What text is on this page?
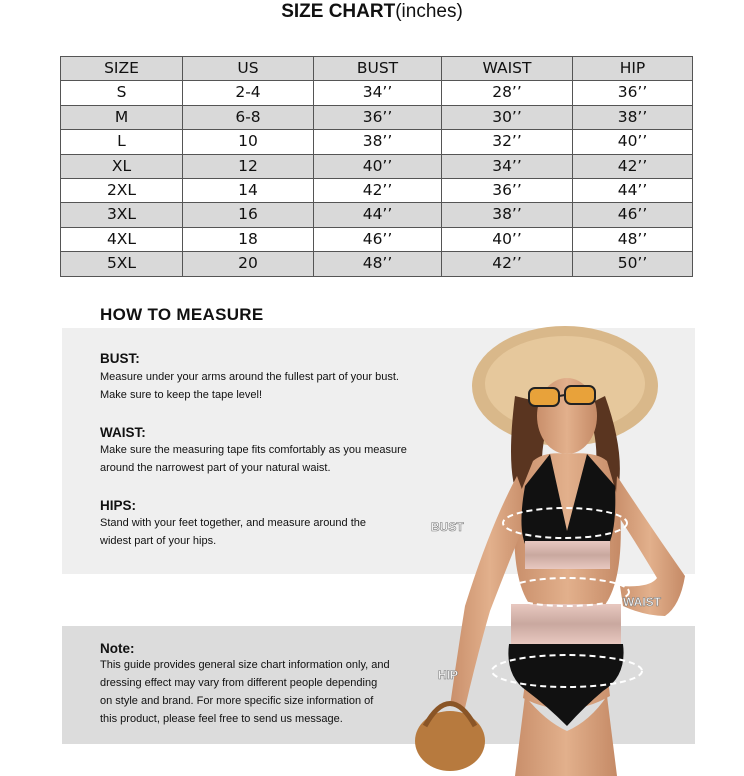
SIZE CHART(inches)
SIZE	US	BUST	WAIST	HIP
S	2-4	34’’	28’’	36’’
M	6-8	36’’	30’’	38’’
L	10	38’’	32’’	40’’
XL	12	40’’	34’’	42’’
2XL	14	42’’	36’’	44’’
3XL	16	44’’	38’’	46’’
4XL	18	46’’	40’’	48’’
5XL	20	48’’	42’’	50’’
HOW TO MEASURE
BUST:
Measure under your arms around the fullest part of your bust.
Make sure to keep the tape level!
WAIST:
Make sure the measuring tape fits comfortably as you measure
around the narrowest part of your natural waist.
HIPS:
Stand with your feet together, and measure around the
widest part of your hips.
Note:
This guide provides general size chart information only, and
dressing effect may vary from different people depending
on style and brand. For more specific size information of
this product, please feel free to send us message.
BUST
WAIST
HIP
